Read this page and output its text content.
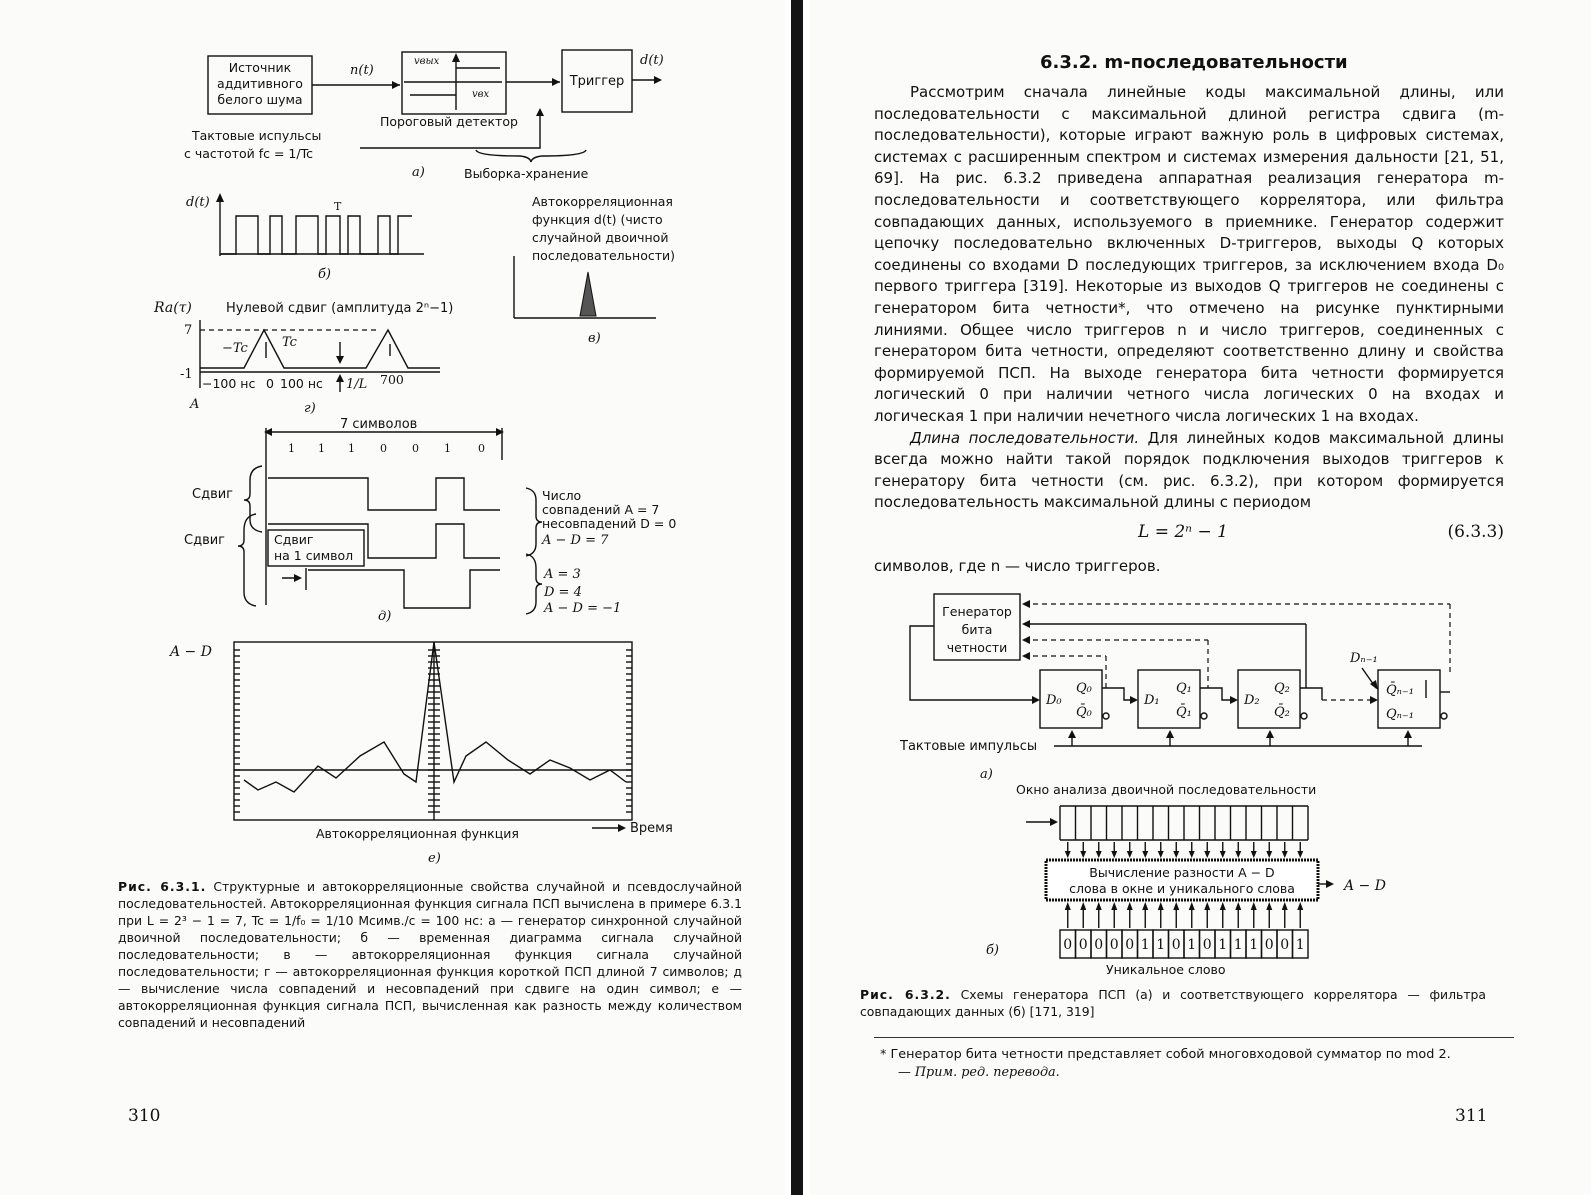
Источник
аддитивного
белого шума
n(t)
vвых
vвх
Пороговый детектор
Триггер
d(t)
Тактовые испульсы
с частотой fc = 1/Tc
Выборка-хранение
a)
d(t)	T
б)
Автокорреляционная
функция d(t) (чисто
случайной двоичной
последовательности)
в)
Ra(τ)	Нулевой сдвиг (амплитуда 2ⁿ−1)
7
-1
−Tc	Tc
−100 нс 0 100 нс 1/L 700
A	г)
7 символов
1 1 1 0 0 1 0
Сдвиг
на 1 символ
Сдвиг
Сдвиг
Число
совпадений A = 7
несовпадений D = 0
A − D = 7
A = 3
D = 4
A − D = −1
д)
A − D
Автокорреляционная функция	Время
е)
Рис. 6.3.1. Структурные и автокорреляционные свойства случайной и псевдослучайной последовательностей. Автокорреляционная функция сигнала ПСП вычислена в примере 6.3.1 при L = 2³ − 1 = 7, Tc = 1/f₀ = 1/10 Мсимв./с = 100 нс: а — генератор синхронной случайной двоичной последовательности; б — временная диаграмма сигнала случайной последовательности; в — автокорреляционная функция сигнала случайной последовательности; г — автокорреляционная функция короткой ПСП длиной 7 символов; д — вычисление числа совпадений и несовпадений при сдвиге на один символ; е — автокорреляционная функция сигнала ПСП, вычисленная как разность между количеством совпадений и несовпадений
310
6.3.2. m-последовательности

Рассмотрим сначала линейные коды максимальной длины, или последовательности с максимальной длиной регистра сдвига (m-последовательности), которые играют важную роль в цифровых системах, системах с расширенным спектром и системах измерения дальности [21, 51, 69]. На рис. 6.3.2 приведена аппаратная реализация генератора m-последовательности и соответствующего коррелятора, или фильтра совпадающих данных, используемого в приемнике. Генератор содержит цепочку последовательно включенных D-триггеров, выходы Q которых соединены со входами D последующих триггеров, за исключением входа D₀ первого триггера [319]. Некоторые из выходов Q триггеров не соединены с генератором бита четности*, что отмечено на рисунке пунктирными линиями. Общее число триггеров n и число триггеров, соединенных с генератором бита четности, определяют соответственно длину и свойства формируемой ПСП. На выходе генератора бита четности формируется логический 0 при наличии четного числа логических 0 на входах и логическая 1 при наличии нечетного числа логических 1 на входах.

Длина последовательности. Для линейных кодов максимальной длины всегда можно найти такой порядок подключения выходов триггеров к генератору бита четности (см. рис. 6.3.2), при котором формируется последовательность максимальной длины с периодом

L = 2ⁿ − 1	(6.3.3)

символов, где n — число триггеров.

Генератор
бита
четности
D₀
Q₀
Q̄₀
D₁
Q₁
Q̄₁
D₂
Q₂
Q̄₂
Q̄ₙ₋₁
Qₙ₋₁
Dₙ₋₁
Тактовые импульсы
а)
Окно анализа двоичной последовательности
Вычисление разности A − D
слова в окне и уникального слова	A − D
0 0 0 0 0 1 1 0 1 0 1 1 1 0 0 1
Уникальное слово
б)
Рис. 6.3.2. Схемы генератора ПСП (а) и соответствующего коррелятора — фильтра совпадающих данных (б) [171, 319]
* Генератор бита четности представляет собой многовходовой сумматор по mod 2.
— Прим. ред. перевода.
311
